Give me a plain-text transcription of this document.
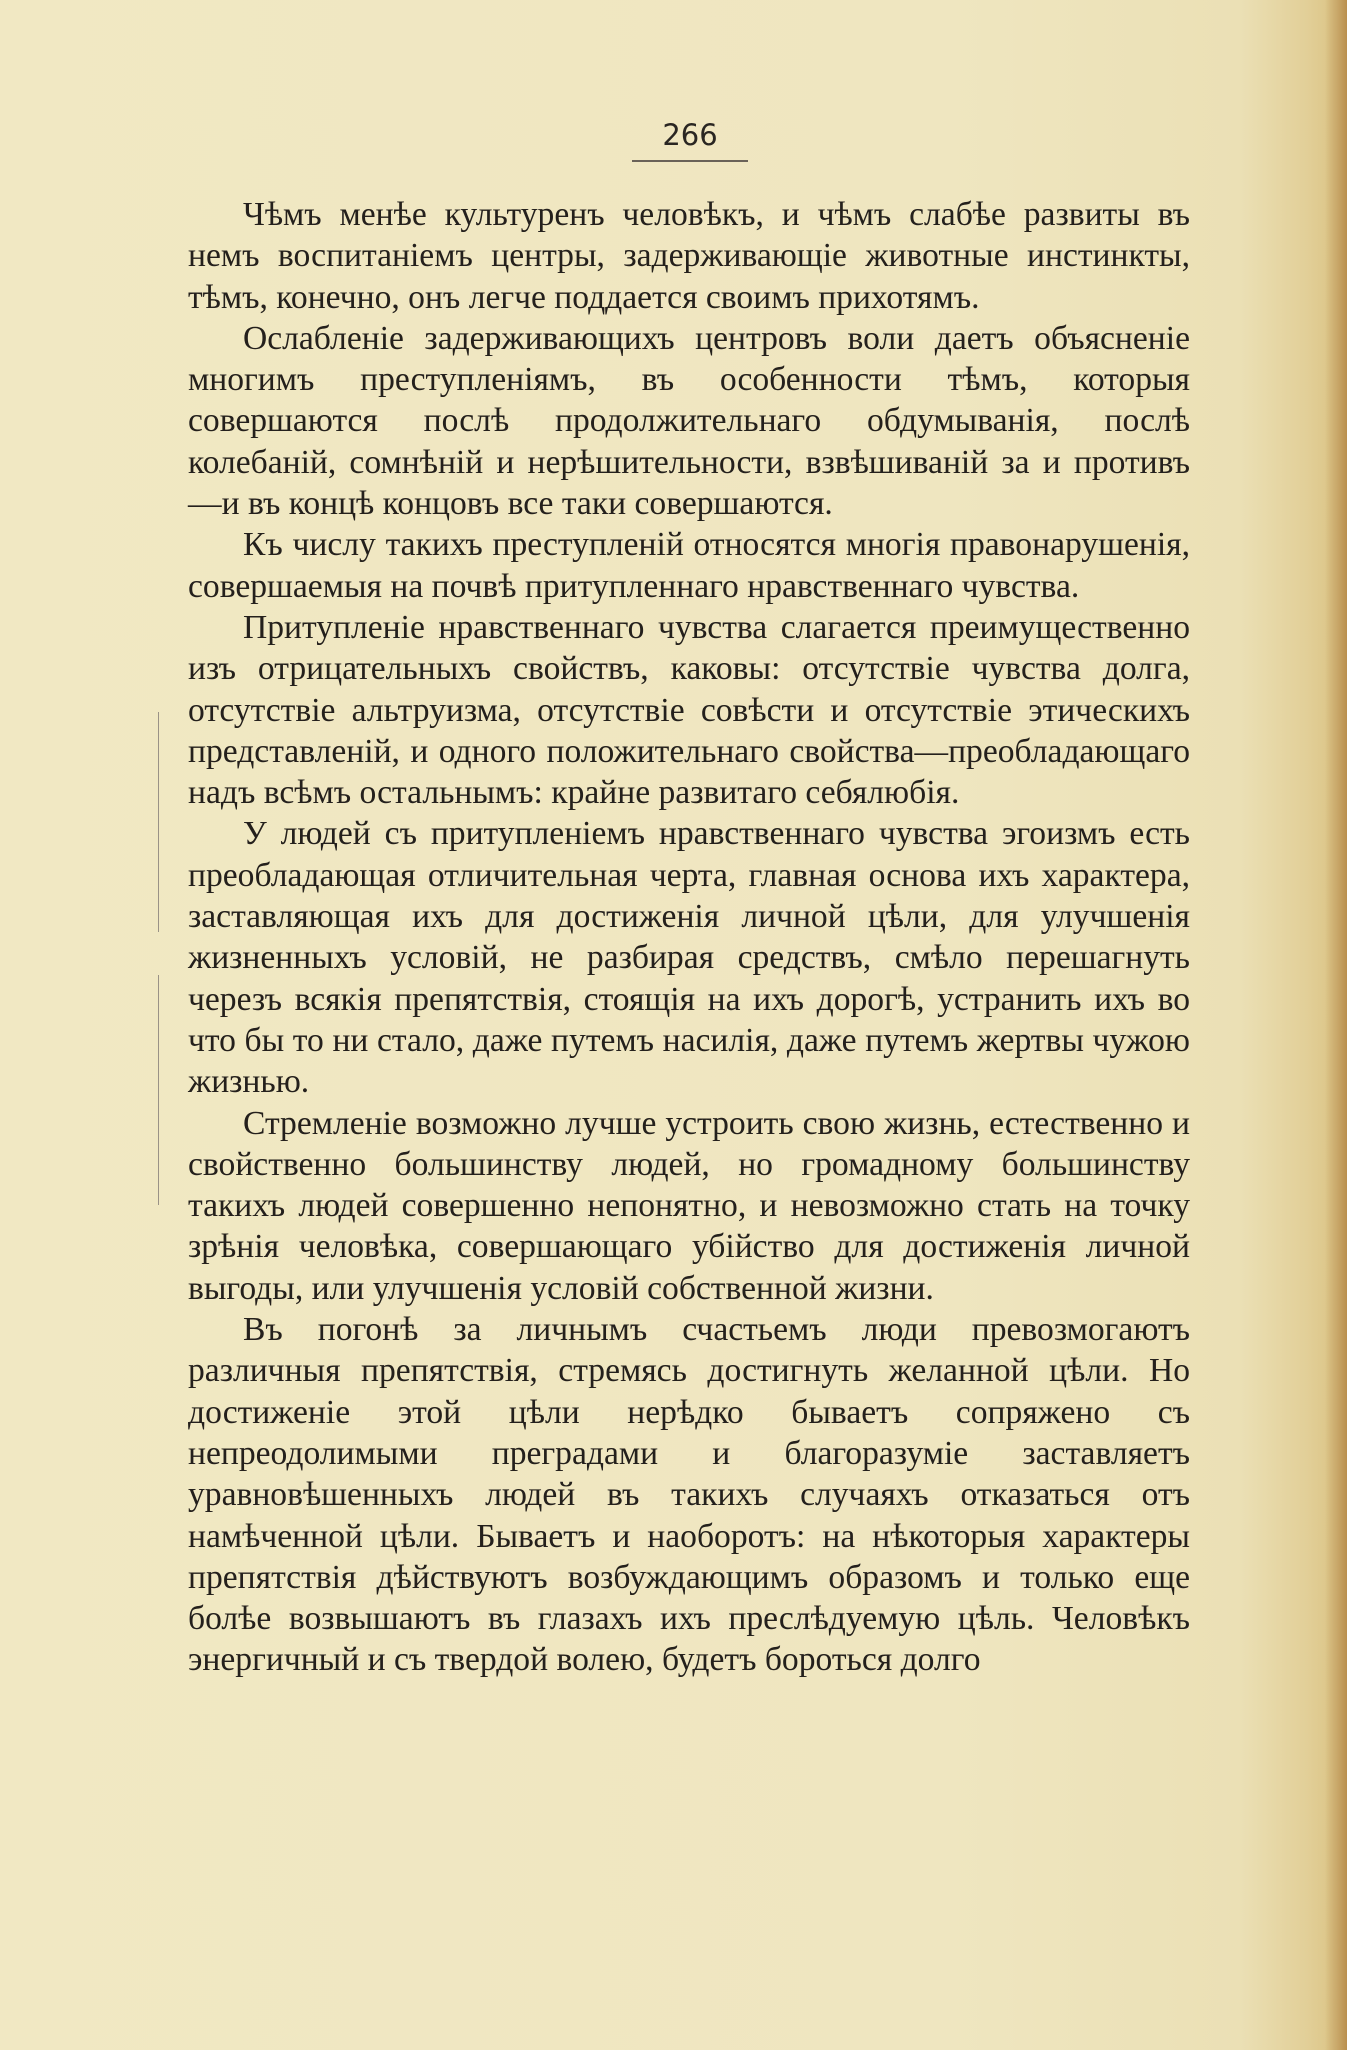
266

Чѣмъ менѣе культуренъ человѣкъ, и чѣмъ слабѣе развиты въ немъ воспитаніемъ центры, задерживающіе животные инстинкты, тѣмъ, конечно, онъ легче поддается своимъ прихотямъ.

Ослабленіе задерживающихъ центровъ воли даетъ объясненіе многимъ преступленіямъ, въ особенности тѣмъ, которыя совершаются послѣ продолжительнаго обдумыванія, послѣ колебаній, сомнѣній и нерѣшительности, взвѣшиваній за и противъ—и въ концѣ концовъ все таки совершаются.

Къ числу такихъ преступленій относятся многія правонарушенія, совершаемыя на почвѣ притупленнаго нравственнаго чувства.

Притупленіе нравственнаго чувства слагается преимущественно изъ отрицательныхъ свойствъ, каковы: отсутствіе чувства долга, отсутствіе альтруизма, отсутствіе совѣсти и отсутствіе этическихъ представленій, и одного положительнаго свойства—преобладающаго надъ всѣмъ остальнымъ: крайне развитаго себялюбія.

У людей съ притупленіемъ нравственнаго чувства эгоизмъ есть преобладающая отличительная черта, главная основа ихъ характера, заставляющая ихъ для достиженія личной цѣли, для улучшенія жизненныхъ условій, не разбирая средствъ, смѣло перешагнуть черезъ всякія препятствія, стоящія на ихъ дорогѣ, устранить ихъ во что бы то ни стало, даже путемъ насилія, даже путемъ жертвы чужою жизнью.

Стремленіе возможно лучше устроить свою жизнь, естественно и свойственно большинству людей, но громадному большинству такихъ людей совершенно непонятно, и невозможно стать на точку зрѣнія человѣка, совершающаго убійство для достиженія личной выгоды, или улучшенія условій собственной жизни.

Въ погонѣ за личнымъ счастьемъ люди превозмогаютъ различныя препятствія, стремясь достигнуть желанной цѣли. Но достиженіе этой цѣли нерѣдко бываетъ сопряжено съ непреодолимыми преградами и благоразуміе заставляетъ уравновѣшенныхъ людей въ такихъ случаяхъ отказаться отъ намѣченной цѣли. Бываетъ и наоборотъ: на нѣкоторыя характеры препятствія дѣйствуютъ возбуждающимъ образомъ и только еще болѣе возвышаютъ въ глазахъ ихъ преслѣдуемую цѣль. Человѣкъ энергичный и съ твердой волею, будетъ бороться долго
